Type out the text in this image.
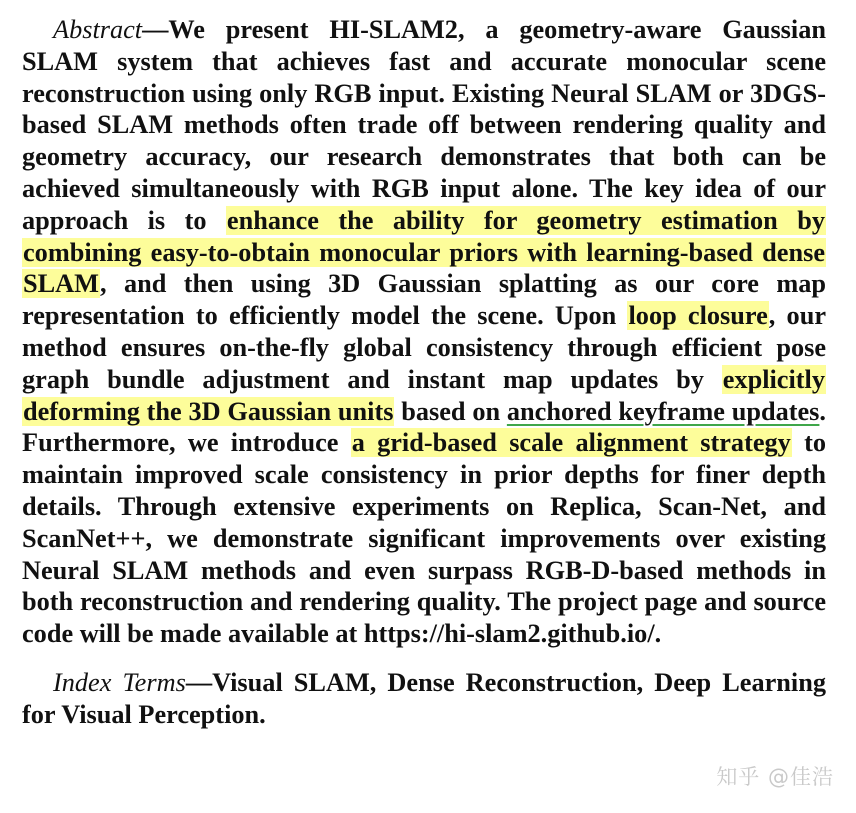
Abstract—We present HI-SLAM2, a geometry-aware Gaussian SLAM system that achieves fast and accurate monocular scene reconstruction using only RGB input. Existing Neural SLAM or 3DGS-based SLAM methods often trade off between rendering quality and geometry accuracy, our research demonstrates that both can be achieved simultaneously with RGB input alone. The key idea of our approach is to enhance the ability for geometry estimation by combining easy-to-obtain monocular priors with learning-based dense SLAM, and then using 3D Gaussian splatting as our core map representation to efficiently model the scene. Upon loop closure, our method ensures on-the-fly global consistency through efficient pose graph bundle adjustment and instant map updates by explicitly deforming the 3D Gaussian units based on anchored keyframe updates. Furthermore, we introduce a grid-based scale alignment strategy to maintain improved scale consistency in prior depths for finer depth details. Through extensive experiments on Replica, Scan-Net, and ScanNet++, we demonstrate significant improvements over existing Neural SLAM methods and even surpass RGB-D-based methods in both reconstruction and rendering quality. The project page and source code will be made available at https://hi-slam2.github.io/.

Index Terms—Visual SLAM, Dense Reconstruction, Deep Learning for Visual Perception.

知乎 @佳浩
